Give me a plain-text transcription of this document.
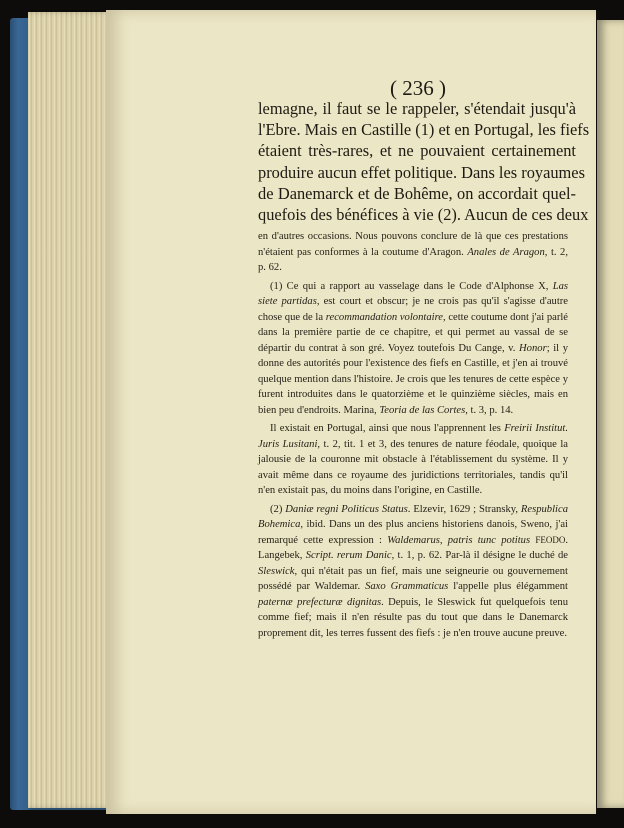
( 236 )
lemagne, il faut se le rappeler, s'étendait jusqu'à
l'Ebre. Mais en Castille (1) et en Portugal, les fiefs
étaient très-rares, et ne pouvaient certainement
produire aucun effet politique. Dans les royaumes
de Danemarck et de Bohême, on accordait quel-
quefois des bénéfices à vie (2). Aucun de ces deux

en d'autres occasions. Nous pouvons conclure de là que ces prestations n'étaient pas conformes à la coutume d'Aragon. Anales de Aragon, t. 2, p. 62.

(1) Ce qui a rapport au vasselage dans le Code d'Alphonse X, Las siete partidas, est court et obscur; je ne crois pas qu'il s'agisse d'autre chose que de la recommandation volontaire, cette coutume dont j'ai parlé dans la première partie de ce chapitre, et qui permet au vassal de se départir du contrat à son gré. Voyez toutefois Du Cange, v. Honor; il y donne des autorités pour l'existence des fiefs en Castille, et j'en ai trouvé quelque mention dans l'histoire. Je crois que les tenures de cette espèce y furent introduites dans le quatorzième et le quinzième siècles, mais en bien peu d'endroits. Marina, Teoria de las Cortes, t. 3, p. 14.

Il existait en Portugal, ainsi que nous l'apprennent les Freirii Institut. Juris Lusitani, t. 2, tit. 1 et 3, des tenures de nature féodale, quoique la jalousie de la couronne mit obstacle à l'établissement du système. Il y avait même dans ce royaume des juridictions territoriales, tandis qu'il n'en existait pas, du moins dans l'origine, en Castille.

(2) Daniæ regni Politicus Status. Elzevir, 1629 ; Stransky, Respublica Bohemica, ibid. Dans un des plus anciens historiens danois, Sweno, j'ai remarqué cette expression : Waldemarus, patris tunc potitus FEODO. Langebek, Script. rerum Danic, t. 1, p. 62. Par-là il désigne le duché de Sleswick, qui n'était pas un fief, mais une seigneurie ou gouvernement possédé par Waldemar. Saxo Grammaticus l'appelle plus élégamment paternæ prefecturæ dignitas. Depuis, le Sleswick fut quelquefois tenu comme fief; mais il n'en résulte pas du tout que dans le Danemarck proprement dit, les terres fussent des fiefs : je n'en trouve aucune preuve.
